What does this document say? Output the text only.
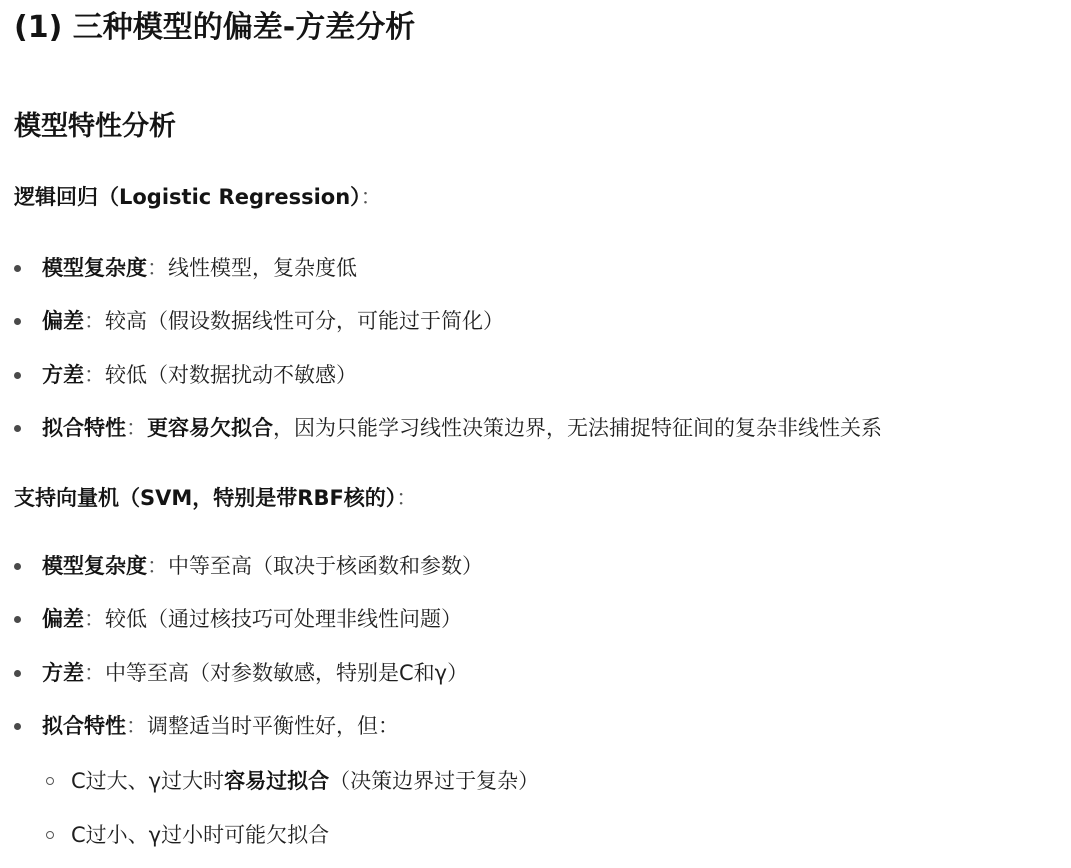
(1) 三种模型的偏差-方差分析
模型特性分析

逻辑回归（Logistic Regression）：

模型复杂度：线性模型，复杂度低
偏差：较高（假设数据线性可分，可能过于简化）
方差：较低（对数据扰动不敏感）
拟合特性：更容易欠拟合，因为只能学习线性决策边界，无法捕捉特征间的复杂非线性关系

支持向量机（SVM，特别是带RBF核的）：

模型复杂度：中等至高（取决于核函数和参数）
偏差：较低（通过核技巧可处理非线性问题）
方差：中等至高（对参数敏感，特别是C和γ）
拟合特性：调整适当时平衡性好，但：
C过大、γ过大时容易过拟合（决策边界过于复杂）
C过小、γ过小时可能欠拟合
